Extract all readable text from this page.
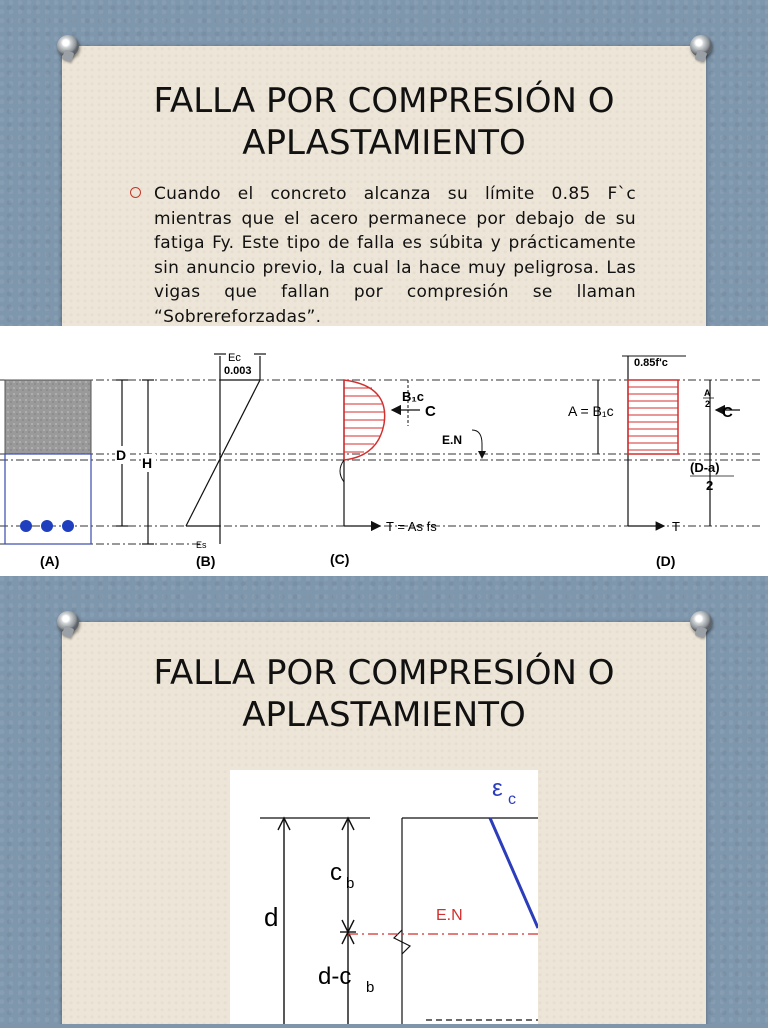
FALLA POR COMPRESIÓN O
APLASTAMIENTO
Cuando el concreto alcanza su límite 0.85 F`c mientras que el acero permanece por debajo de su fatiga Fy. Este tipo de falla es súbita y prácticamente sin anuncio previo, la cual la hace muy peligrosa. Las vigas que fallan por compresión se llaman “Sobrereforzadas”.
(A)
D H
Ec
0.003
Es
(B)
B₁c
C
E.N
T = As fs
(C)
0.85f'c
A = B₁c
A
2 C
(D-a)
2
T
(D)
FALLA POR COMPRESIÓN O
APLASTAMIENTO
d
c b
d-c b
E.N
ε c
